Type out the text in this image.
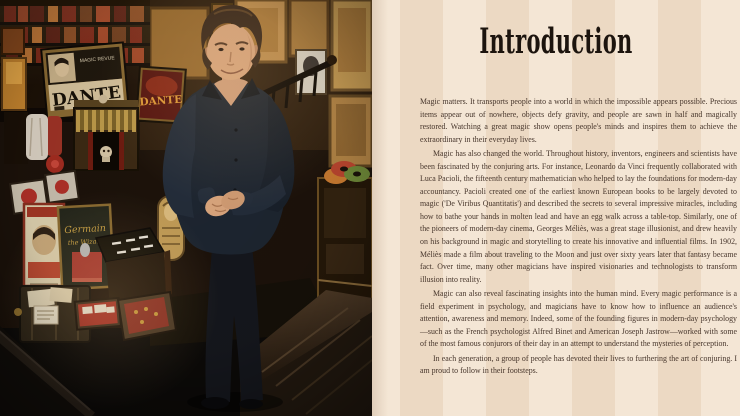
Introduction

Magic matters. It transports people into a world in which the impossible appears possible. Precious items appear out of nowhere, objects defy gravity, and people are sawn in half and magically restored. Watching a great magic show opens people's minds and inspires them to achieve the extraordinary in their everyday lives.

Magic has also changed the world. Throughout history, inventors, engineers and scientists have been fascinated by the conjuring arts. For instance, Leonardo da Vinci frequently collaborated with Luca Pacioli, the fifteenth century mathematician who helped to lay the foundations for modern-day accountancy. Pacioli created one of the earliest known European books to be largely devoted to magic ('De Viribus Quantitatis') and described the secrets to several impressive miracles, including how to bathe your hands in molten lead and have an egg walk across a table-top. Similarly, one of the pioneers of modern-day cinema, Georges Méliès, was a great stage illusionist, and drew heavily on his background in magic and storytelling to create his innovative and influential films. In 1902, Méliès made a film about traveling to the Moon and just over sixty years later that fantasy became fact. Over time, many other magicians have inspired visionaries and technologists to transform illusion into reality.

Magic can also reveal fascinating insights into the human mind. Every magic performance is a field experiment in psychology, and magicians have to know how to influence an audience's attention, awareness and memory. Indeed, some of the founding figures in modern-day psychology—such as the French psychologist Alfred Binet and American Joseph Jastrow—worked with some of the most famous conjurors of their day in an attempt to understand the mysteries of perception.

In each generation, a group of people has devoted their lives to furthering the art of conjuring. I am proud to follow in their footsteps.
